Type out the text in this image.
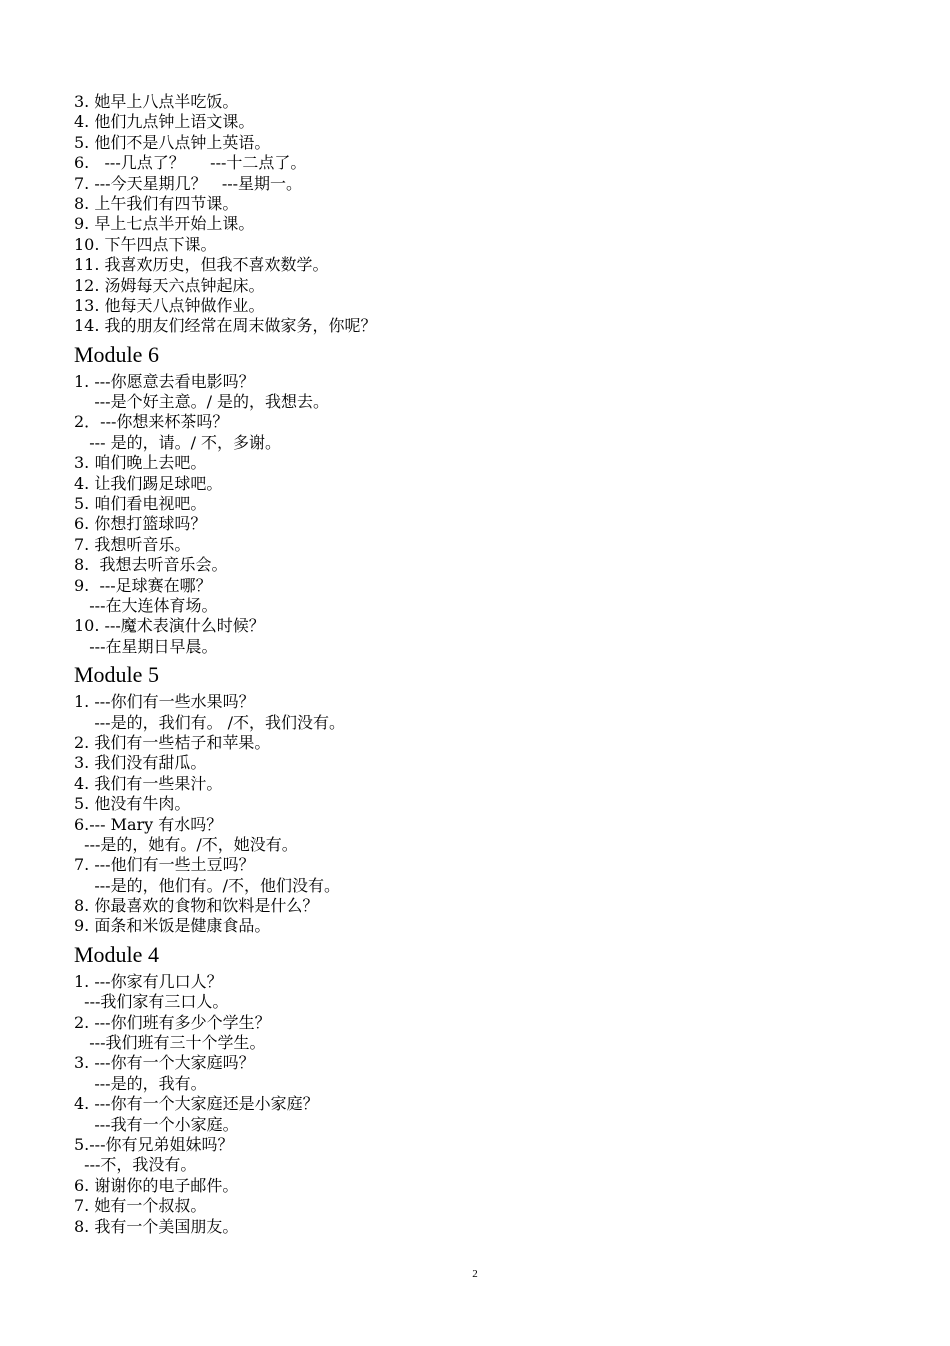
3. 她早上八点半吃饭。
4. 他们九点钟上语文课。
5. 他们不是八点钟上英语。
6.   ---几点了？     ---十二点了。
7. ---今天星期几？   ---星期一。
8. 上午我们有四节课。
9. 早上七点半开始上课。
10. 下午四点下课。
11. 我喜欢历史，但我不喜欢数学。
12. 汤姆每天六点钟起床。
13. 他每天八点钟做作业。
14. 我的朋友们经常在周末做家务，你呢？
Module 6
1. ---你愿意去看电影吗？
---是个好主意。/ 是的，我想去。
2．---你想来杯茶吗？
--- 是的，请。/ 不，多谢。
3. 咱们晚上去吧。
4. 让我们踢足球吧。
5. 咱们看电视吧。
6. 你想打篮球吗？
7. 我想听音乐。
8.  我想去听音乐会。
9.  ---足球赛在哪？
---在大连体育场。
10. ---魔术表演什么时候？
---在星期日早晨。
Module 5
1. ---你们有一些水果吗？
---是的，我们有。 /不，我们没有。
2. 我们有一些桔子和苹果。
3. 我们没有甜瓜。
4. 我们有一些果汁。
5. 他没有牛肉。
6.--- Mary 有水吗？
---是的，她有。/不，她没有。
7. ---他们有一些土豆吗？
---是的，他们有。/不，他们没有。
8. 你最喜欢的食物和饮料是什么？
9. 面条和米饭是健康食品。
Module 4
1. ---你家有几口人？
---我们家有三口人。
2. ---你们班有多少个学生？
---我们班有三十个学生。
3. ---你有一个大家庭吗？
---是的，我有。
4. ---你有一个大家庭还是小家庭？
---我有一个小家庭。
5.---你有兄弟姐妹吗？
---不，我没有。
6. 谢谢你的电子邮件。
7. 她有一个叔叔。
8. 我有一个美国朋友。
2
